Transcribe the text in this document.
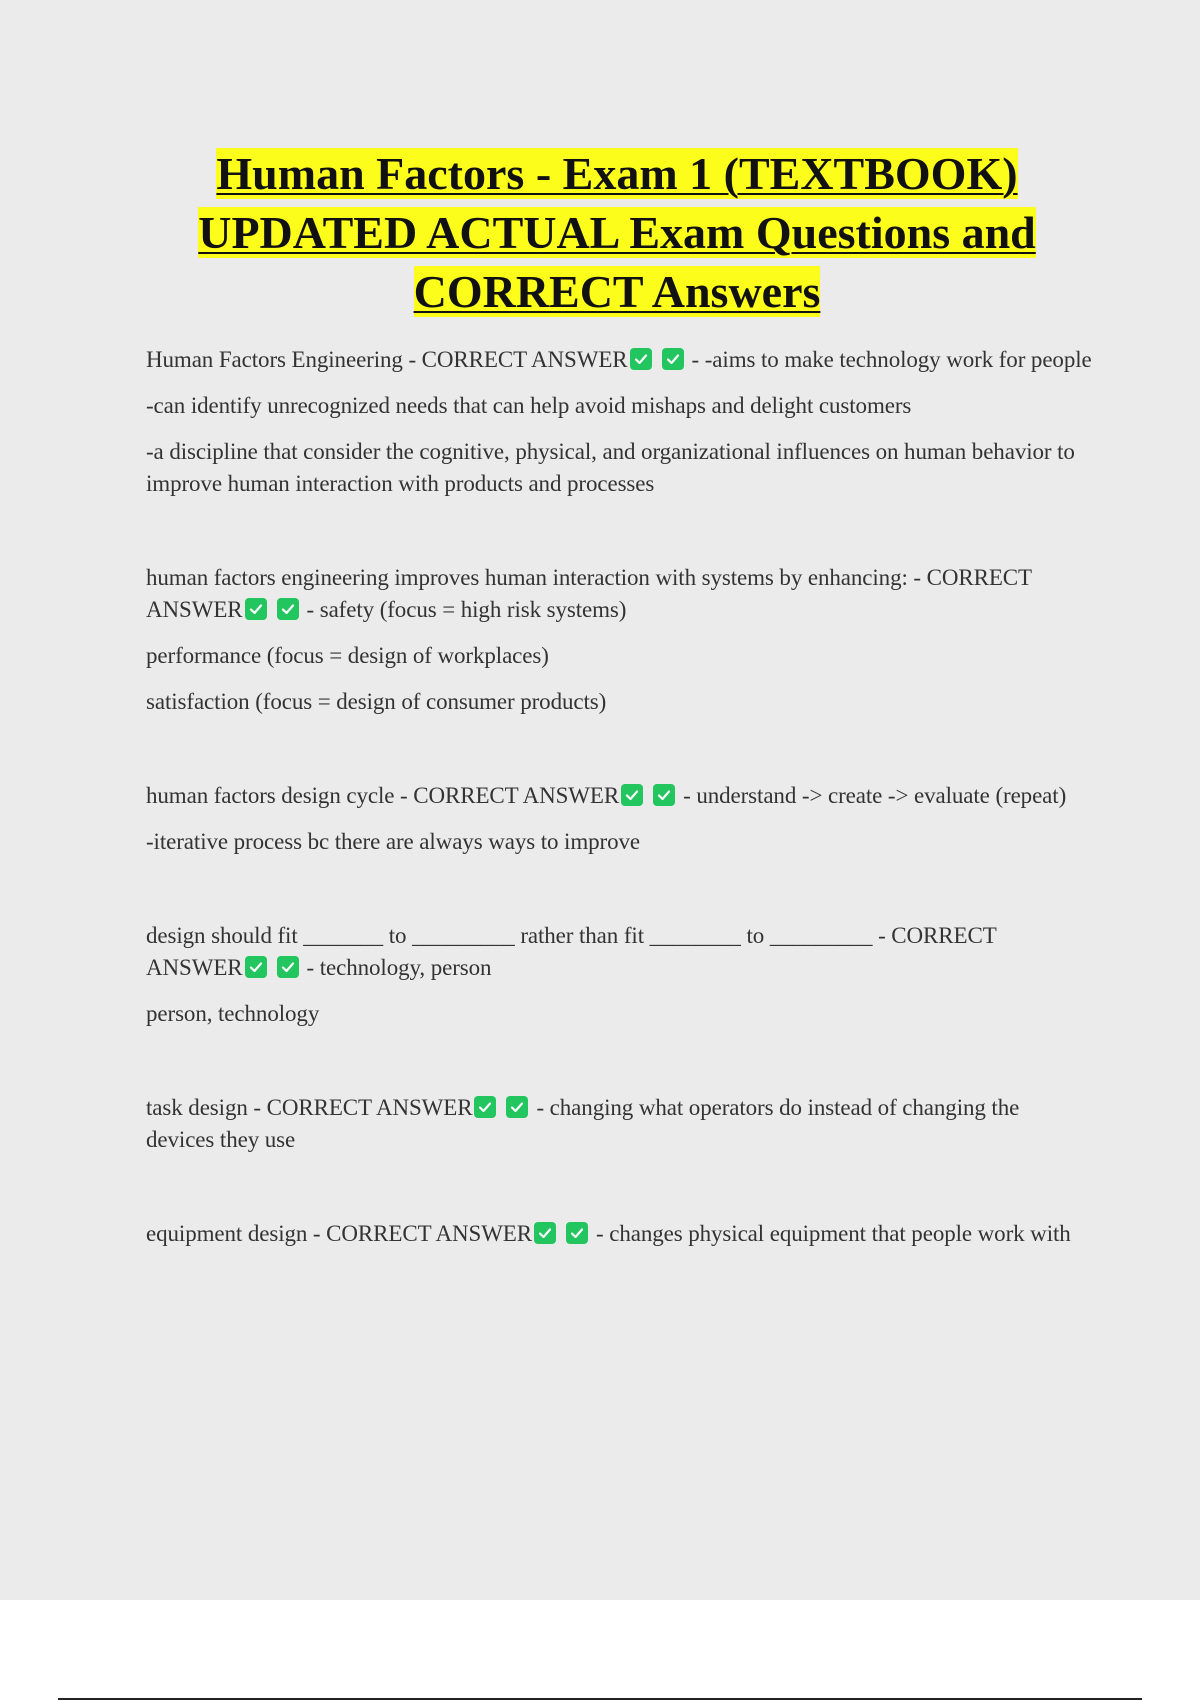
Human Factors - Exam 1 (TEXTBOOK)
UPDATED ACTUAL Exam Questions and
CORRECT Answers

Human Factors Engineering - CORRECT ANSWER	- -aims to make technology work for people

-can identify unrecognized needs that can help avoid mishaps and delight customers

-a discipline that consider the cognitive, physical, and organizational influences on human behavior to improve human interaction with products and processes

human factors engineering improves human interaction with systems by enhancing: - CORRECT ANSWER	- safety (focus = high risk systems)

performance (focus = design of workplaces)

satisfaction (focus = design of consumer products)

human factors design cycle - CORRECT ANSWER	- understand -> create -> evaluate (repeat)

-iterative process bc there are always ways to improve

design should fit _______ to _________ rather than fit ________ to _________ - CORRECT ANSWER	- technology, person

person, technology

task design - CORRECT ANSWER	- changing what operators do instead of changing the devices they use

equipment design - CORRECT ANSWER	- changes physical equipment that people work with
